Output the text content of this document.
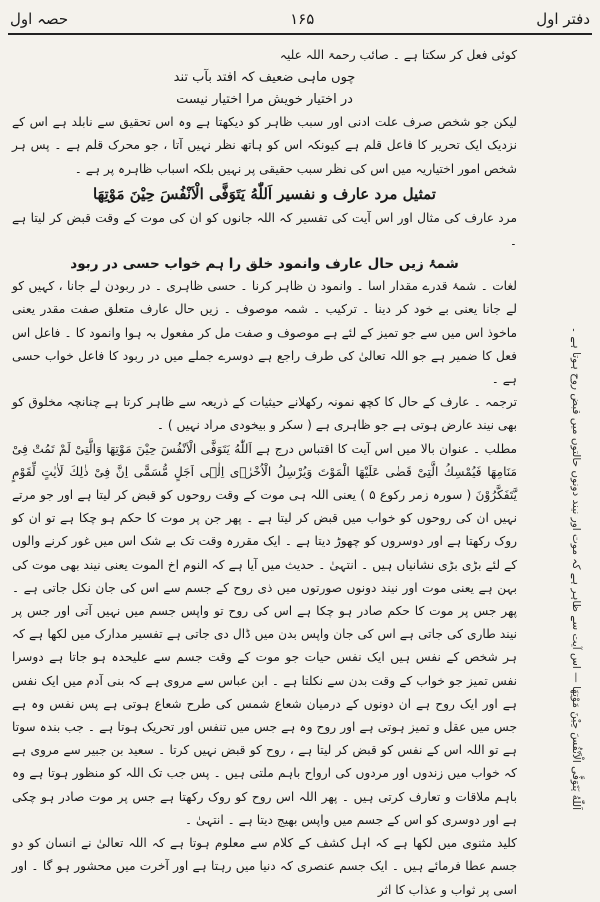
دفتر اول
۱۶۵
حصہ اول

کوئی فعل کر سکتا ہے ۔ صائب رحمۃ اللہ علیہ

چوں ماہی ضعیف کہ افتد بآب تند

در اختیار خویش مرا اختیار نیست

لیکن جو شخص صرف علت ادنی اور سبب ظاہر کو دیکھتا ہے وہ اس تحقیق سے نابلد ہے اس کے نزدیک ایک تحریر کا فاعل قلم ہے کیونکہ اس کو ہاتھ نظر نہیں آتا ، جو محرک قلم ہے ۔ پس ہر شخص امور اختیاریہ میں اس کی نظر سبب حقیقی پر نہیں بلکہ اسباب ظاہرہ پر ہے ۔

تمثیل مرد عارف و نفسیر اَللّٰهُ یَتَوَفَّی الْاَنْفُسَ حِیْنَ مَوْتِهَا

مرد عارف کی مثال اور اس آیت کی تفسیر کہ اللہ جانوں کو ان کی موت کے وقت قبض کر لیتا ہے ۔

شمۂ زیں حال عارف وانمود خلق را ہم خواب حسی در ربود

لغات ۔ شمۂ قدرے مقدار اسا ۔ وانمود ن ظاہر کرنا ۔ حسی ظاہری ۔ در ربودن لے جانا ، کہیں کو لے جانا یعنی بے خود کر دینا ۔ ترکیب ۔ شمہ موصوف ۔ زیں حال عارف متعلق صفت مقدر یعنی ماخوذ اس میں سے جو تمیز کے لئے ہے موصوف و صفت مل کر مفعول بہ ہوا وانمود کا ۔ فاعل اس فعل کا ضمیر ہے جو اللہ تعالیٰ کی طرف راجع ہے دوسرے جملے میں در ربود کا فاعل خواب حسی ہے ۔

ترجمہ ۔ عارف کے حال کا کچھ نمونہ رکھلانے حیثیات کے ذریعہ سے ظاہر کرتا ہے چنانچہ مخلوق کو بھی نیند عارض ہوتی ہے جو ظاہری ہے ( سکر و بیخودی مراد نہیں ) ۔

مطلب ۔ عنوان بالا میں اس آیت کا اقتباس درج ہے اَللّٰهُ یَتَوَفَّی الْاَنْفُسَ حِیْنَ مَوْتِهَا وَالَّتِیْ لَمْ تَمُتْ فِیْ مَنَامِهَا فَیُمْسِكُ الَّتِیْ قَضٰی عَلَیْهَا الْمَوْتَ وَیُرْسِلُ الْاُخْرٰۤی اِلٰۤی اَجَلٍ مُّسَمًّی اِنَّ فِیْ ذٰلِكَ لَاٰیٰتٍ لِّقَوْمٍ یَّتَفَكَّرُوْنَ ( سورہ زمر رکوع ۵ ) یعنی اللہ ہی موت کے وقت روحوں کو قبض کر لیتا ہے اور جو مرتے نہیں ان کی روحوں کو خواب میں قبض کر لیتا ہے ۔ پھر جن پر موت کا حکم ہو چکا ہے تو ان کو روک رکھتا ہے اور دوسروں کو چھوڑ دیتا ہے ۔ ایک مقررہ وقت تک بے شک اس میں غور کرنے والوں کے لئے بڑی بڑی نشانیاں ہیں ۔ انتہیٰ ۔ حدیث میں آیا ہے کہ النوم اخ الموت یعنی نیند بھی موت کی بہن ہے یعنی موت اور نیند دونوں صورتوں میں ذی روح کے جسم سے اس کی جان نکل جاتی ہے ۔ پھر جس پر موت کا حکم صادر ہو چکا ہے اس کی روح تو واپس جسم میں نہیں آتی اور جس پر نیند طاری کی جاتی ہے اس کی جان واپس بدن میں ڈال دی جاتی ہے تفسیر مدارک میں لکھا ہے کہ ہر شخص کے نفس ہیں ایک نفس حیات جو موت کے وقت جسم سے علیحدہ ہو جاتا ہے دوسرا نفس تمیز جو خواب کے وقت بدن سے نکلتا ہے ۔ ابن عباس سے مروی ہے کہ بنی آدم میں ایک نفس ہے اور ایک روح ہے ان دونوں کے درمیان شعاع شمس کی طرح شعاع ہوتی ہے پس نفس وہ ہے جس میں عقل و تمیز ہوتی ہے اور روح وہ ہے جس میں تنفس اور تحریک ہوتا ہے ۔ جب بندہ سوتا ہے تو اللہ اس کے نفس کو قبض کر لیتا ہے ، روح کو قبض نہیں کرتا ۔ سعید بن جبیر سے مروی ہے کہ خواب میں زندوں اور مردوں کی ارواح باہم ملتی ہیں ۔ پس جب تک اللہ کو منظور ہوتا ہے وہ باہم ملاقات و تعارف کرتی ہیں ۔ پھر اللہ اس روح کو روک رکھتا ہے جس پر موت صادر ہو چکی ہے اور دوسری کو اس کے جسم میں واپس بھیج دیتا ہے ۔ انتہیٰ ۔

کلید مثنوی میں لکھا ہے کہ اہل کشف کے کلام سے معلوم ہوتا ہے کہ اللہ تعالیٰ نے انسان کو دو جسم عطا فرمائے ہیں ۔ ایک جسم عنصری کہ دنیا میں رہتا ہے اور آخرت میں محشور ہو گا ۔ اور اسی پر ثواب و عذاب کا اثر

اَللّٰهُ یَتَوَفَّی الْاَنْفُسَ حِیْنَ مَوْتِهَا — اس آیت سے ظاہر ہے کہ موت اور نیند دونوں حالتوں میں قبض روح ہوتا ہے ۔
